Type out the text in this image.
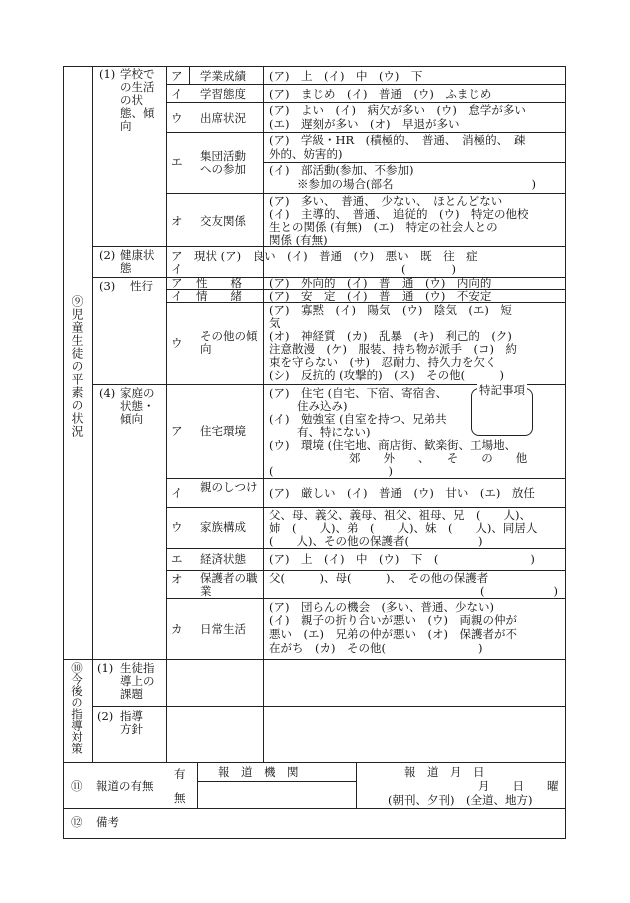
⑨児童生徒の平素の状況
(1) 学校での生活の状態、傾向
ア 学業成績 (ア)　上　(イ)　中　(ウ)　下
イ 学習態度 (ア)　まじめ　(イ)　普通　(ウ)　ふまじめ
ウ 出席状況
(ア)　よい　(イ)　病欠が多い　(ウ)　怠学が多い
(エ)　遅刻が多い　(オ)　早退が多い
エ 集団活動への参加
(ア)　学級・HR　(積極的、　普通、　消極的、　疎
外的、妨害的)
(イ)　部活動(参加、不参加)
※参加の場合(部名　　　　　　　　　　　　)
オ 交友関係
(ア)　多い、　普通、　少ない、　ほとんどない
(イ)　主導的、　普通、　追従的　(ウ)　特定の他校
生との関係 (有無)　(エ)　特定の社会人との
関係 (有無)
(2) 健康状態
ア　現状 (ア)　良い　(イ)　普通　(ウ)　悪い　既　往　症
イ　　　　　　　　　　　　　　　　　　　(　　　　)
(3) 性行 ア 性　　格 (ア)　外向的　(イ)　普　通　(ウ)　内向的
イ 情　　緒 (ア)　安　定　(イ)　普　通　(ウ)　不安定
ウ その他の傾向
(ア)　寡黙　(イ)　陽気　(ウ)　陰気　(エ)　短
気
(オ)　神経質　(カ)　乱暴　(キ)　利己的　(ク)
注意散漫　(ケ)　服装、持ち物が派手　(コ)　約
束を守らない　(サ)　忍耐力、持久力を欠く
(シ)　反抗的 (攻撃的)　(ス)　その他(　　　)
(4) 家庭の状態・傾向
ア 住宅環境
(ア)　住宅 (自宅、下宿、寄宿舎、
住み込み)
(イ)　勉強室 (自室を持つ、兄弟共
有、特にない)
(ウ)　環境 (住宅地、商店街、歓楽街、工場地、
郊　　外　　、　　そ　　の　　他
(　　　　　　　　　　)
特記事項
イ 親のしつけ (ア)　厳しい　(イ)　普通　(ウ)　甘い　(エ)　放任
ウ 家族構成
父、母、義父、義母、祖父、祖母、兄　(　　人)、
姉　(　　人)、弟　(　　人)、妹　(　　人)、同居人
(　　人)、その他の保護者(　　　　　　)
エ 経済状態 (ア)　上　(イ)　中　(ウ)　下　(　　　　　　　　)
オ 保護者の職業
父(　　　)、母(　　　)、　その他の保護者
(　　　　　　)
カ 日常生活
(ア)　団らんの機会　(多い、普通、少ない)
(イ)　親子の折り合いが悪い　(ウ)　両親の仲が
悪い　(エ)　兄弟の仲が悪い　(オ)　保護者が不
在がち　(カ)　その他(　　　　　　　　)
⑩今後の指導対策 (1) 生徒指導上の課題
(2) 指導方針
⑪ 報道の有無
有
無
報　道　機　関	報　道　月　日
月　　日　　曜
(朝刊、夕刊)　(全道、地方)
⑫ 備考
